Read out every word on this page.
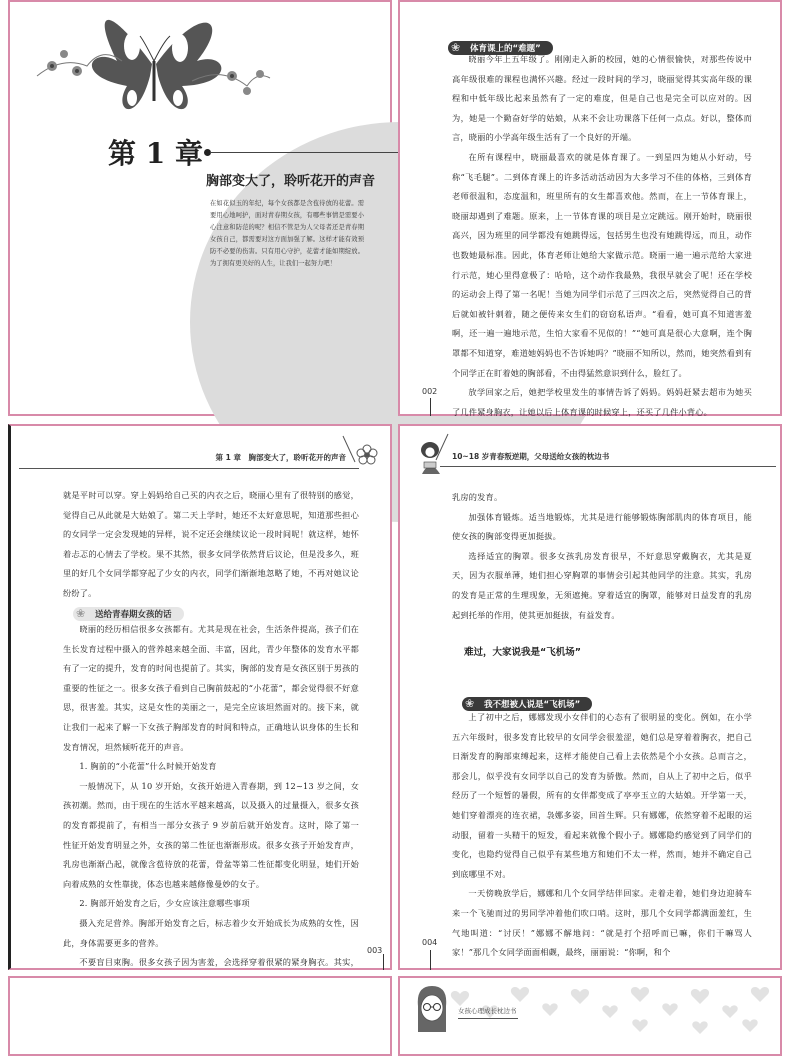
第 1 章
胸部变大了，聆听花开的声音
在如花似玉的年纪，每个女孩都是含苞待放的花蕾。需要用心地呵护，面对青春期女孩，有哪些事情是需要小心注意和防范的呢？相信不管是为人父母者还是青春期女孩自己，都需要对这方面加强了解。这样才能有效预防不必要的伤害。只有用心守护，花蕾才能如期绽放。为了拥有更美好的人生，让我们一起努力吧！
❀ 体育课上的“难题”

晓丽今年上五年级了。刚刚走入新的校园，她的心情很愉快，对那些传说中高年级很难的课程也满怀兴趣。经过一段时间的学习，晓丽觉得其实高年级的课程和中低年级比起来虽然有了一定的难度，但是自己也是完全可以应对的。因为，她是一个勤奋好学的姑娘，从来不会让功课落下任何一点点。好以，整体而言，晓丽的小学高年级生活有了一个良好的开端。

在所有课程中，晓丽最喜欢的就是体育课了。一到星四为她从小好动，号称“飞毛腿”。二到体育课上的许多活动活动因为大多学习不佳的体格，三到体育老师很温和，态度温和，班里所有的女生都喜欢他。然而，在上一节体育课上，晓丽却遇到了难题。原来，上一节体育课的项目是立定跳远。刚开始时，晓丽很高兴，因为班里的同学都没有她跳得远，包括男生也没有她跳得远，而且，动作也数她最标准。因此，体育老师让她给大家做示范。晓丽一遍一遍示范给大家进行示范，她心里得意极了：哈哈，这个动作我最熟，我很早就会了呢！还在学校的运动会上得了第一名呢！当她为同学们示范了三四次之后，突然觉得自己的背后就如被针刺着，随之便传来女生们的窃窃私语声。“看看，她可真不知道害羞啊，还一遍一遍地示范，生怕大家看不见似的！”“她可真是很心大意啊，连个胸罩都不知道穿，难道她妈妈也不告诉她吗？”晓丽不知所以，然而，她突然看到有个同学正在盯着她的胸部看，不由得猛然意识到什么，脸红了。

放学回家之后，她把学校里发生的事情告诉了妈妈。妈妈赶紧去超市为她买了几件紧身胸衣，让她以后上体育课的时候穿上，还买了几件小背心。

002
第 1 章　胸部变大了，聆听花开的声音

就是平时可以穿。穿上妈妈给自己买的内衣之后，晓丽心里有了很特别的感觉，觉得自己从此就是大姑娘了。第二天上学时，她还不太好意思呢，知道那些担心的女同学一定会发现她的异样，说不定还会继续议论一段时间呢！就这样，她怀着忐忑的心情去了学校。果不其然，很多女同学依然背后议论，但是没多久，班里的好几个女同学都穿起了少女的内衣，同学们渐渐地忽略了她，不再对她议论纷纷了。

❀ 送给青春期女孩的话

晓丽的经历相信很多女孩都有。尤其是现在社会，生活条件提高，孩子们在生长发育过程中摄入的营养越来越全面、丰富，因此，青少年整体的发育水平都有了一定的提升，发育的时间也提前了。其实，胸部的发育是女孩区别于男孩的重要的性征之一。很多女孩子看到自己胸前鼓起的“小花蕾”，都会觉得很不好意思，很害羞。其实，这是女性的美丽之一，是完全应该坦然面对的。接下来，就让我们一起来了解一下女孩子胸部发育的时间和特点，正确地认识身体的生长和发育情况，坦然倾听花开的声音。

1. 胸前的“小花蕾”什么时候开始发育

一般情况下，从 10 岁开始，女孩开始进入青春期，到 12~13 岁之间，女孩初潮。然而，由于现在的生活水平越来越高，以及摄入的过量摄入，很多女孩的发育都提前了，有相当一部分女孩子 9 岁前后就开始发育。这时，除了第一性征开始发育明显之外，女孩的第二性征也渐渐形成。很多女孩子开始发育声，乳房也渐渐凸起，就像含苞待放的花蕾，骨盆等第二性征都变化明显，她们开始向着成熟的女性靠拢，体态也越来越修像曼妙的女子。

2. 胸部开始发育之后，少女应该注意哪些事项

摄入充足营养。胸部开始发育之后，标志着少女开始成长为成熟的女性，因此，身体需要更多的营养。

不要盲目束胸。很多女孩子因为害羞，会选择穿着很紧的紧身胸衣。其实，

003
10~18 岁青春叛逆期，父母送给女孩的枕边书

乳房的发育。

加强体育锻炼。适当地锻炼，尤其是进行能够锻炼胸部肌肉的体育项目，能使女孩的胸部变得更加挺拔。

选择适宜的胸罩。很多女孩乳房发育很早，不好意思穿戴胸衣，尤其是夏天，因为衣服单薄，她们担心穿胸罩的事情会引起其他同学的注意。其实，乳房的发育是正常的生理现象，无须遮掩。穿着适宜的胸罩，能够对日益发育的乳房起到托举的作用，使其更加挺拔，有益发育。

难过，大家说我是“飞机场”
❀ 我不想被人说是“飞机场”

上了初中之后，娜娜发现小女伴们的心态有了很明显的变化。例如，在小学五六年级时，很多发育比较早的女同学会很羞涩，她们总是穿着着胸衣，把自己日渐发育的胸部束缚起来，这样才能使自己看上去依然是个小女孩。总而言之，那会儿，似乎没有女同学以自己的发育为骄傲。然而，自从上了初中之后，似乎经历了一个短暂的暑假，所有的女伴都变成了亭亭玉立的大姑娘。开学第一天，她们穿着漂亮的连衣裙，袅娜多姿，回首生辉。只有娜娜，依然穿着不起眼的运动服，留着一头精干的短发，看起来就像个假小子。娜娜隐约感觉到了同学们的变化，也隐约觉得自己似乎有某些地方和她们不太一样，然而，她并不确定自己到底哪里不对。

一天傍晚放学后，娜娜和几个女同学结伴回家。走着走着，她们身边迎骑车来一个飞驰而过的男同学冲着他们吹口哨。这时，那几个女同学都满面羞红，生气地叫道：“讨厌！”娜娜不解地问：“就是打个招呼而已嘛，你们干嘛骂人家！”那几个女同学面面相觑，最终，丽丽说：“你啊，和个

004
女孩心理成长枕边书
